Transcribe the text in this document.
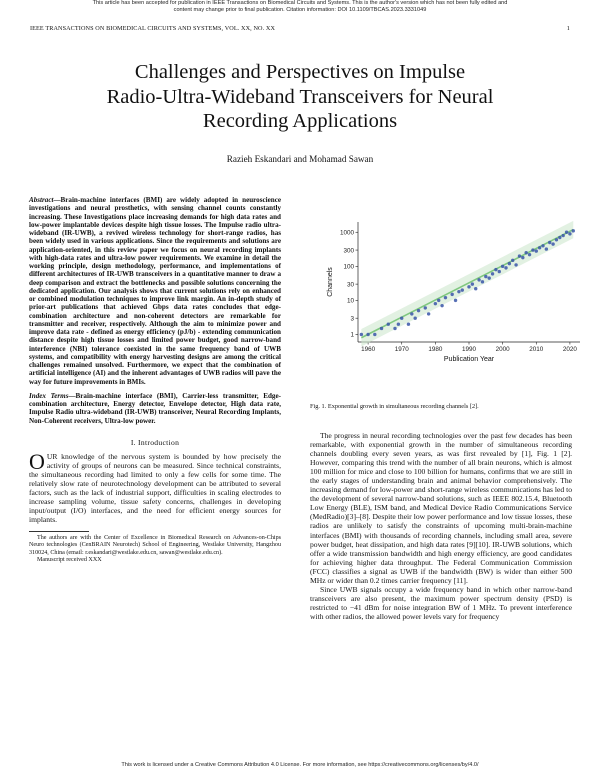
This article has been accepted for publication in IEEE Transactions on Biomedical Circuits and Systems. This is the author's version which has not been fully edited and
content may change prior to final publication. Citation information: DOI 10.1109/TBCAS.2023.3331049
IEEE TRANSACTIONS ON BIOMEDICAL CIRCUITS AND SYSTEMS, VOL. XX, NO. XX	1
Challenges and Perspectives on Impulse
Radio-Ultra-Wideband Transceivers for Neural
Recording Applications
Razieh Eskandari and Mohamad Sawan

Abstract—Brain-machine interfaces (BMI) are widely adopted in neuroscience investigations and neural prosthetics, with sensing channel counts constantly increasing. These Investigations place increasing demands for high data rates and low-power implantable devices despite high tissue losses. The Impulse radio ultra-wideband (IR-UWB), a revived wireless technology for short-range radios, has been widely used in various applications. Since the requirements and solutions are application-oriented, in this review paper we focus on neural recording implants with high-data rates and ultra-low power requirements. We examine in detail the working principle, design methodology, performance, and implementations of different architectures of IR-UWB transceivers in a quantitative manner to draw a deep comparison and extract the bottlenecks and possible solutions concerning the dedicated application. Our analysis shows that current solutions rely on enhanced or combined modulation techniques to improve link margin. An in-depth study of prior-art publications that achieved Gbps data rates concludes that edge-combination architecture and non-coherent detectors are remarkable for transmitter and receiver, respectively. Although the aim to minimize power and improve data rate - defined as energy efficiency (pJ/b) - extending communication distance despite high tissue losses and limited power budget, good narrow-band interference (NBI) tolerance coexisted in the same frequency band of UWB systems, and compatibility with energy harvesting designs are among the critical challenges remained unsolved. Furthermore, we expect that the combination of artificial intelligence (AI) and the inherent advantages of UWB radios will pave the way for future improvements in BMIs.

Index Terms—Brain-machine interface (BMI), Carrier-less transmitter, Edge-combination architecture, Energy detector, Envelope detector, High data rate, Impulse Radio ultra-wideband (IR-UWB) transceiver, Neural Recording Implants, Non-Coherent receivers, Ultra-low power.

I. Introduction

OUR knowledge of the nervous system is bounded by how precisely the activity of groups of neurons can be measured. Since technical constraints, the simultaneous recording had limited to only a few cells for some time. The relatively slow rate of neurotechnology development can be attributed to several factors, such as the lack of industrial support, difficulties in scaling electrodes to increase sampling volume, tissue safety concerns, challenges in developing input/output (I/O) interfaces, and the need for efficient energy sources for implants.

The authors are with the Center of Excellence in Biomedical Research on Advances-on-Chips Neuro technologies (CenBRAIN Neurotech) School of Engineering, Westlake University, Hangzhou 310024, China (email: r.eskandari@westlake.edu.cn, sawan@westlake.edu.cn).

Manuscript received XXX

1960	1970	1980	1990	2000	2010	2020
1
3
10
30
100
300
1000
Publication Year
Channels
Fig. 1. Exponential growth in simultaneous recording channels [2].

The progress in neural recording technologies over the past few decades has been remarkable, with exponential growth in the number of simultaneous recording channels doubling every seven years, as was first revealed by [1], Fig. 1 [2]. However, comparing this trend with the number of all brain neurons, which is almost 100 million for mice and close to 100 billion for humans, confirms that we are still in the early stages of understanding brain and animal behavior comprehensively. The increasing demand for low-power and short-range wireless communications has led to the development of several narrow-band solutions, such as IEEE 802.15.4, Bluetooth Low Energy (BLE), ISM band, and Medical Device Radio Communications Service (MedRadio)[3]–[8]. Despite their low power performance and low tissue losses, these radios are unlikely to satisfy the constraints of upcoming multi-brain-machine interfaces (BMI) with thousands of recording channels, including small area, severe power budget, heat dissipation, and high data rates [9][10]. IR-UWB solutions, which offer a wide transmission bandwidth and high energy efficiency, are good candidates for achieving higher data throughput. The Federal Communication Commission (FCC) classifies a signal as UWB if the bandwidth (BW) is wider than either 500 MHz or wider than 0.2 times carrier frequency [11].

Since UWB signals occupy a wide frequency band in which other narrow-band transceivers are also present, the maximum power spectrum density (PSD) is restricted to −41 dBm for noise integration BW of 1 MHz. To prevent interference with other radios, the allowed power levels vary for frequency

This work is licensed under a Creative Commons Attribution 4.0 License. For more information, see https://creativecommons.org/licenses/by/4.0/
